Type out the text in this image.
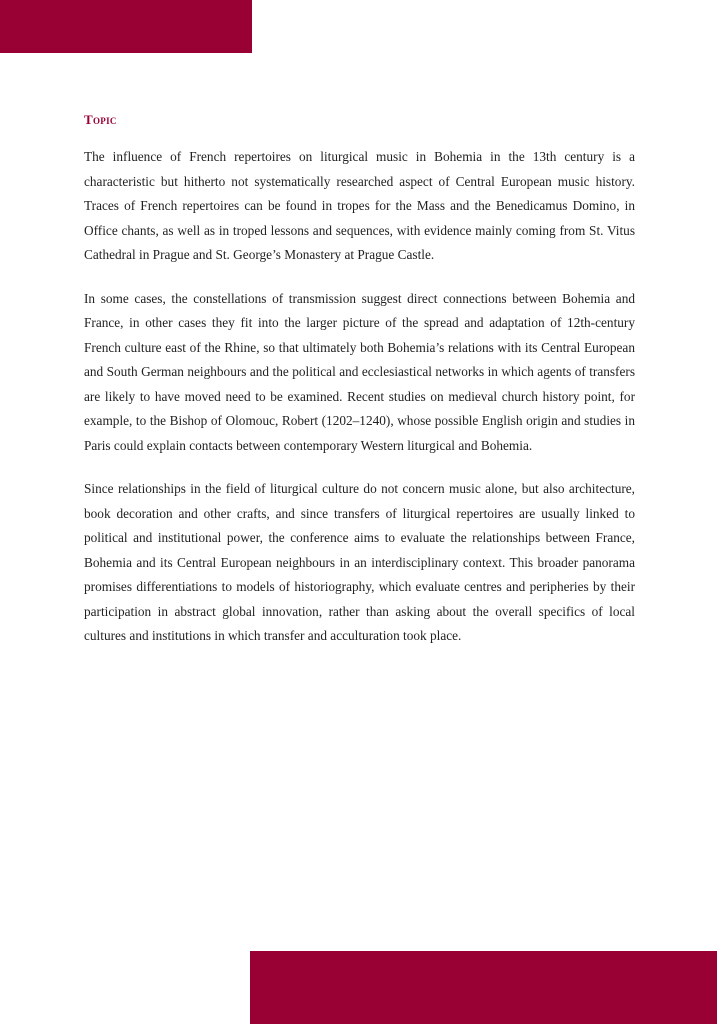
Topic

The influence of French repertoires on liturgical music in Bohemia in the 13th century is a characteristic but hitherto not systematically researched aspect of Central European music history. Traces of French repertoires can be found in tropes for the Mass and the Benedicamus Domino, in Office chants, as well as in troped lessons and sequences, with evidence mainly coming from St. Vitus Cathedral in Prague and St. George’s Monastery at Prague Castle.

In some cases, the constellations of transmission suggest direct connections between Bohemia and France, in other cases they fit into the larger picture of the spread and adaptation of 12th-century French culture east of the Rhine, so that ultimately both Bohemia’s relations with its Central European and South German neighbours and the political and ecclesiastical networks in which agents of transfers are likely to have moved need to be examined. Recent studies on medieval church history point, for example, to the Bishop of Olomouc, Robert (1202–1240), whose possible English origin and studies in Paris could explain contacts between contemporary Western liturgical and Bohemia.

Since relationships in the field of liturgical culture do not concern music alone, but also architecture, book decoration and other crafts, and since transfers of liturgical repertoires are usually linked to political and institutional power, the conference aims to evaluate the relationships between France, Bohemia and its Central European neighbours in an interdisciplinary context. This broader panorama promises differentiations to models of historiography, which evaluate centres and peripheries by their participation in abstract global innovation, rather than asking about the overall specifics of local cultures and institutions in which transfer and acculturation took place.
